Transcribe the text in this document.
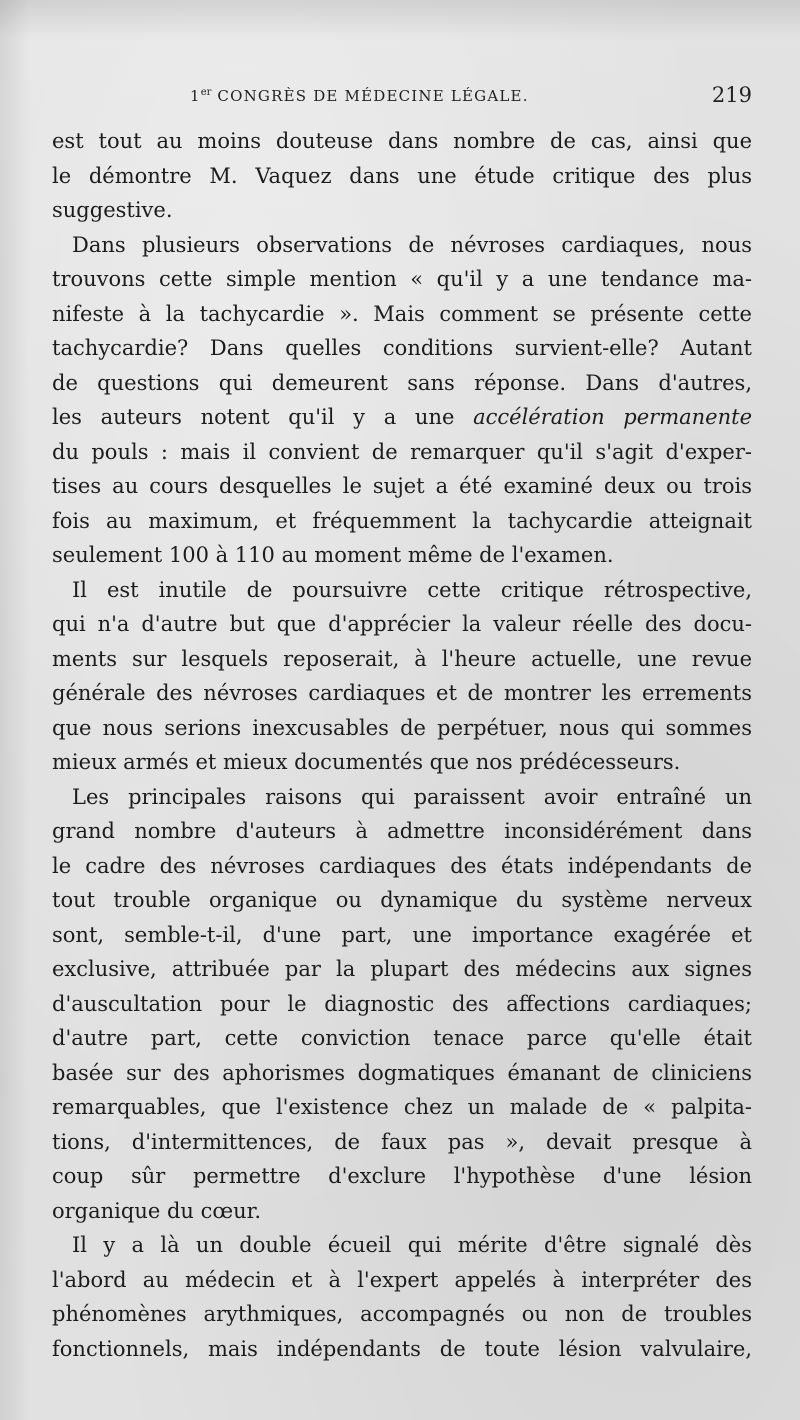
1er CONGRÈS DE MÉDECINE LÉGALE.	219
est tout au moins douteuse dans nombre de cas, ainsi que
le démontre M. Vaquez dans une étude critique des plus
suggestive.
Dans plusieurs observations de névroses cardiaques, nous
trouvons cette simple mention « qu'il y a une tendance ma-
nifeste à la tachycardie ». Mais comment se présente cette
tachycardie? Dans quelles conditions survient-elle? Autant
de questions qui demeurent sans réponse. Dans d'autres,
les auteurs notent qu'il y a une accélération permanente
du pouls : mais il convient de remarquer qu'il s'agit d'exper-
tises au cours desquelles le sujet a été examiné deux ou trois
fois au maximum, et fréquemment la tachycardie atteignait
seulement 100 à 110 au moment même de l'examen.
Il est inutile de poursuivre cette critique rétrospective,
qui n'a d'autre but que d'apprécier la valeur réelle des docu-
ments sur lesquels reposerait, à l'heure actuelle, une revue
générale des névroses cardiaques et de montrer les errements
que nous serions inexcusables de perpétuer, nous qui sommes
mieux armés et mieux documentés que nos prédécesseurs.
Les principales raisons qui paraissent avoir entraîné un
grand nombre d'auteurs à admettre inconsidérément dans
le cadre des névroses cardiaques des états indépendants de
tout trouble organique ou dynamique du système nerveux
sont, semble-t-il, d'une part, une importance exagérée et
exclusive, attribuée par la plupart des médecins aux signes
d'auscultation pour le diagnostic des affections cardiaques;
d'autre part, cette conviction tenace parce qu'elle était
basée sur des aphorismes dogmatiques émanant de cliniciens
remarquables, que l'existence chez un malade de « palpita-
tions, d'intermittences, de faux pas », devait presque à
coup sûr permettre d'exclure l'hypothèse d'une lésion
organique du cœur.
Il y a là un double écueil qui mérite d'être signalé dès
l'abord au médecin et à l'expert appelés à interpréter des
phénomènes arythmiques, accompagnés ou non de troubles
fonctionnels, mais indépendants de toute lésion valvulaire,
